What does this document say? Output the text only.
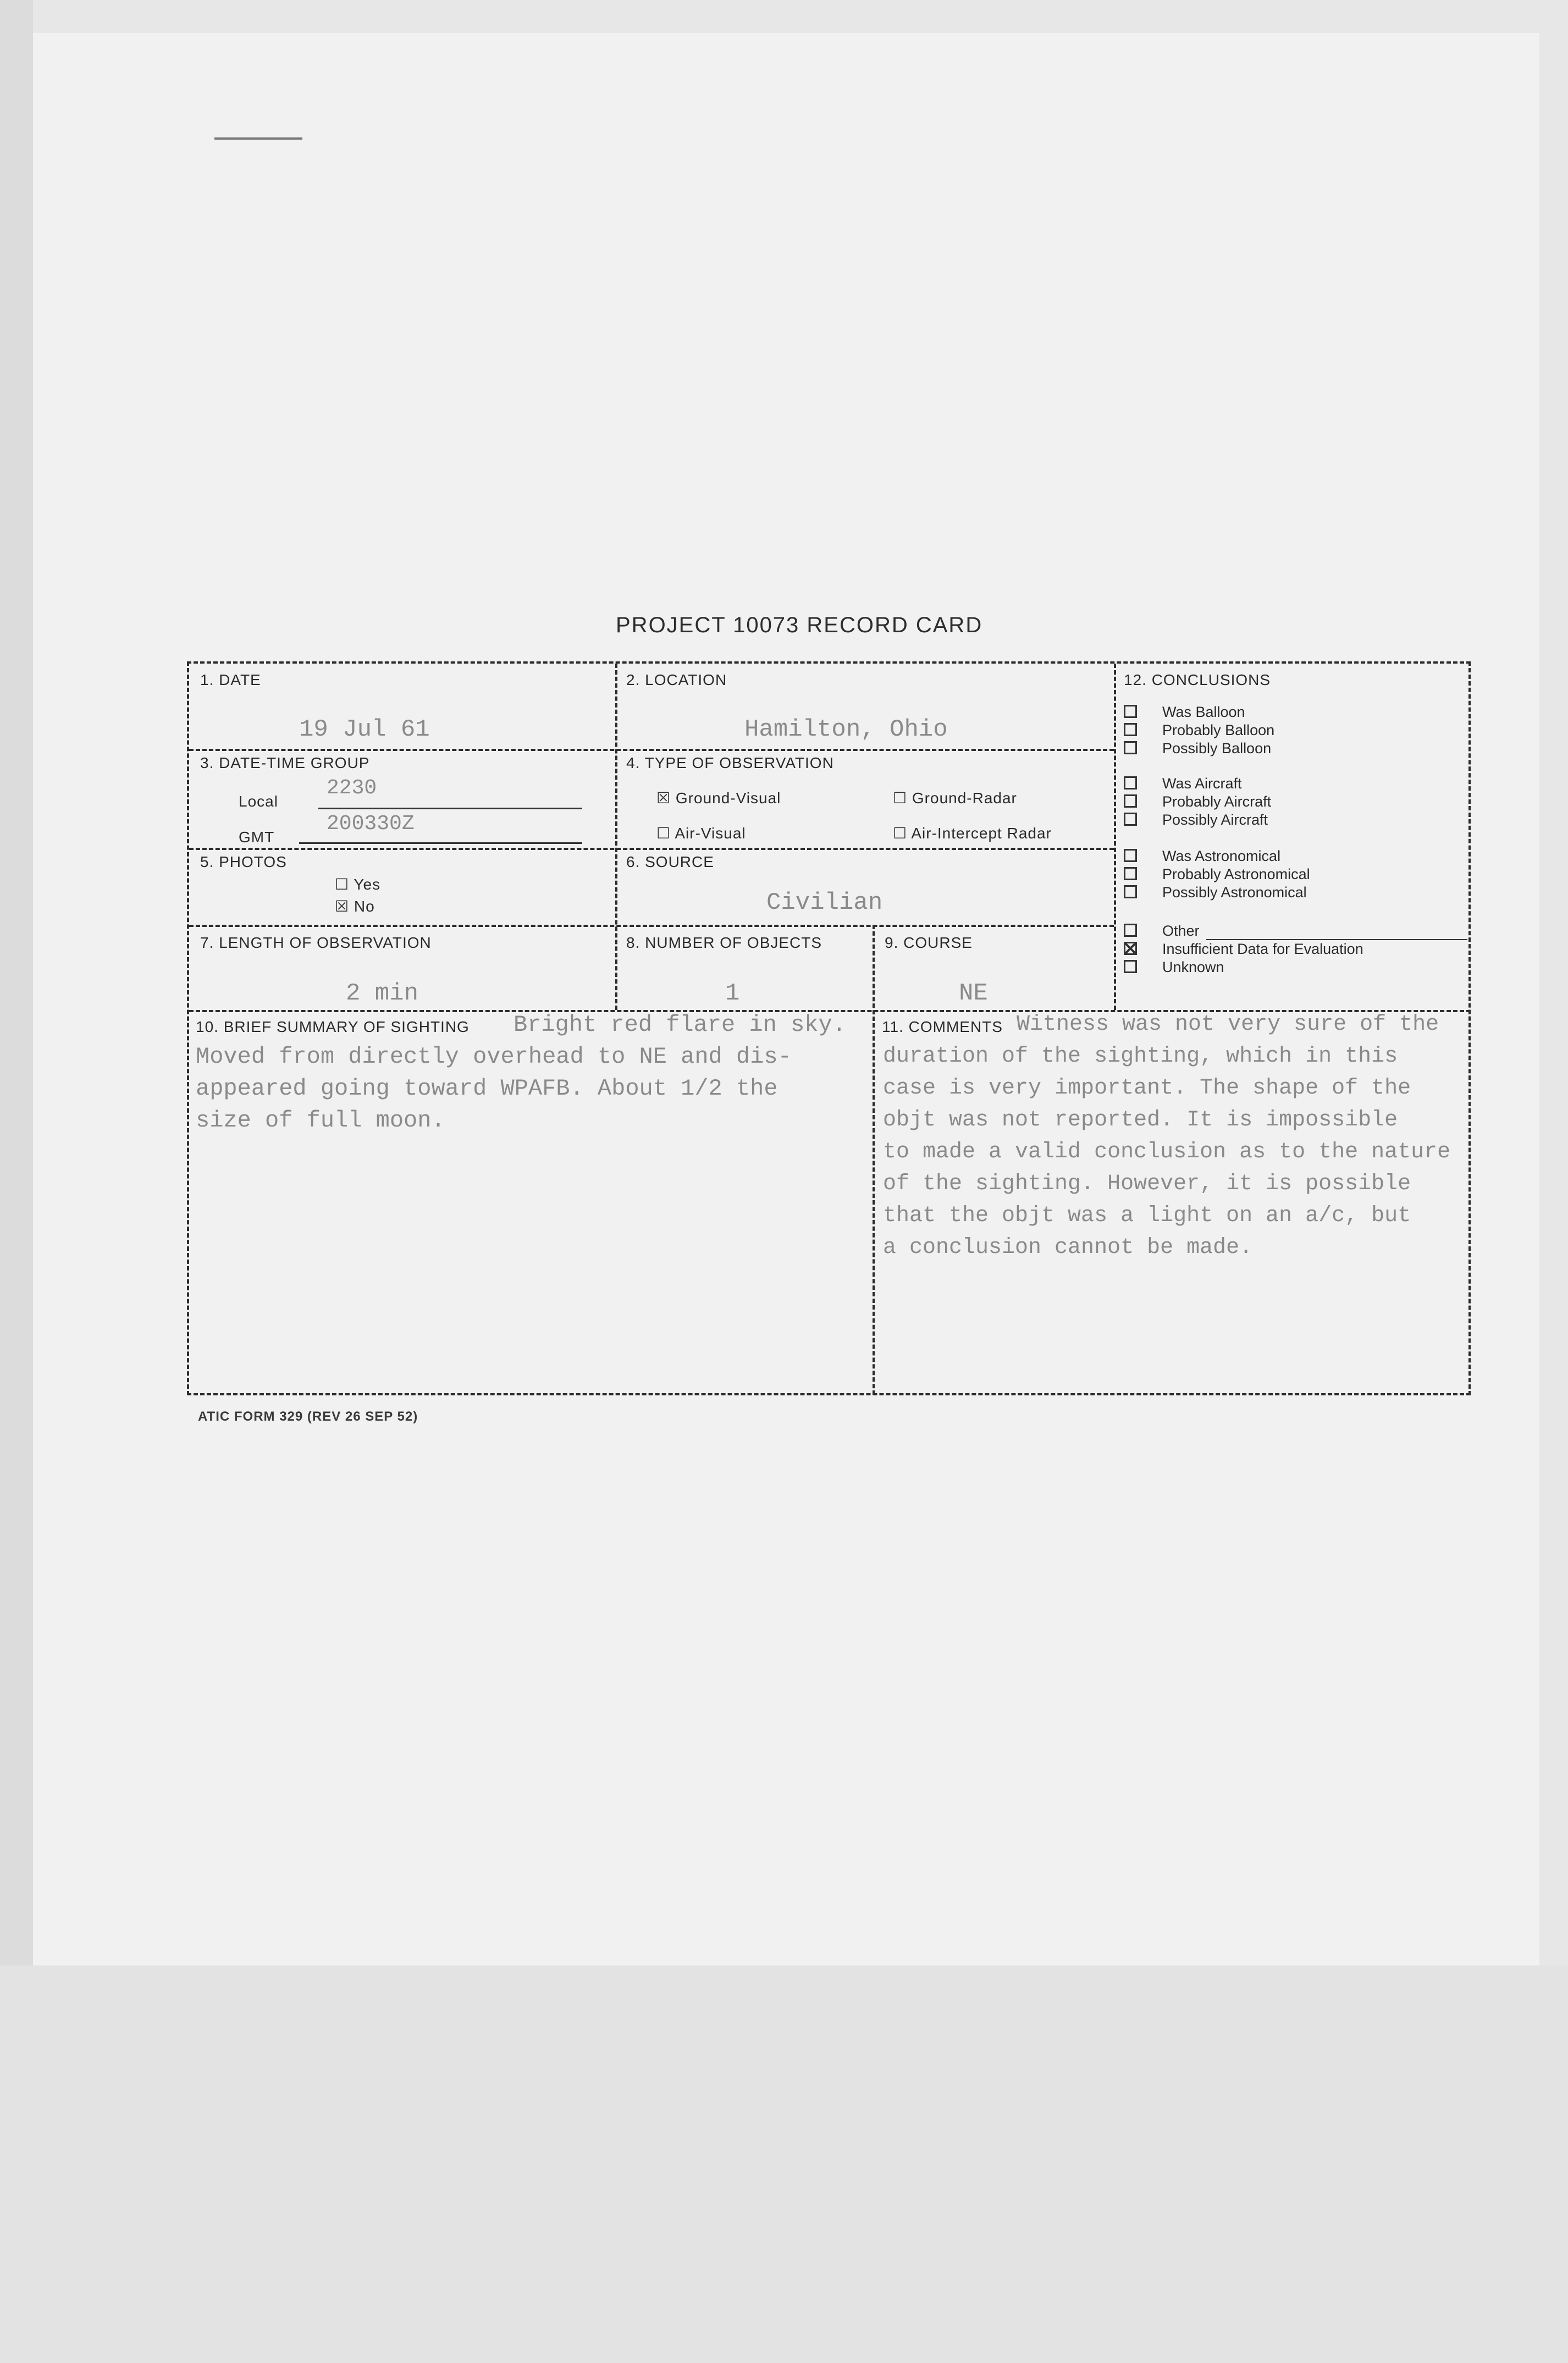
PROJECT 10073 RECORD CARD
1. DATE
19 Jul 61
2. LOCATION
Hamilton, Ohio
3. DATE-TIME GROUP
Local
2230
GMT
200330Z
4. TYPE OF OBSERVATION
☒ Ground-Visual	☐ Ground-Radar
☐ Air-Visual	☐ Air-Intercept Radar
5. PHOTOS
☐ Yes
☒ No
6. SOURCE
Civilian
7. LENGTH OF OBSERVATION
2 min
8. NUMBER OF OBJECTS
1
9. COURSE
NE
12. CONCLUSIONS
Was Balloon
Probably Balloon
Possibly Balloon
Was Aircraft
Probably Aircraft
Possibly Aircraft
Was Astronomical
Probably Astronomical
Possibly Astronomical
Other
Insufficient Data for Evaluation
Unknown
10. BRIEF SUMMARY OF SIGHTING Bright red flare in sky.
Moved from directly overhead to NE and dis-
appeared going toward WPAFB. About 1/2 the
size of full moon.
11. COMMENTS Witness was not very sure of the
duration of the sighting, which in this
case is very important. The shape of the
objt was not reported. It is impossible
to made a valid conclusion as to the nature
of the sighting. However, it is possible
that the objt was a light on an a/c, but
a conclusion cannot be made.
ATIC FORM 329 (REV 26 SEP 52)
